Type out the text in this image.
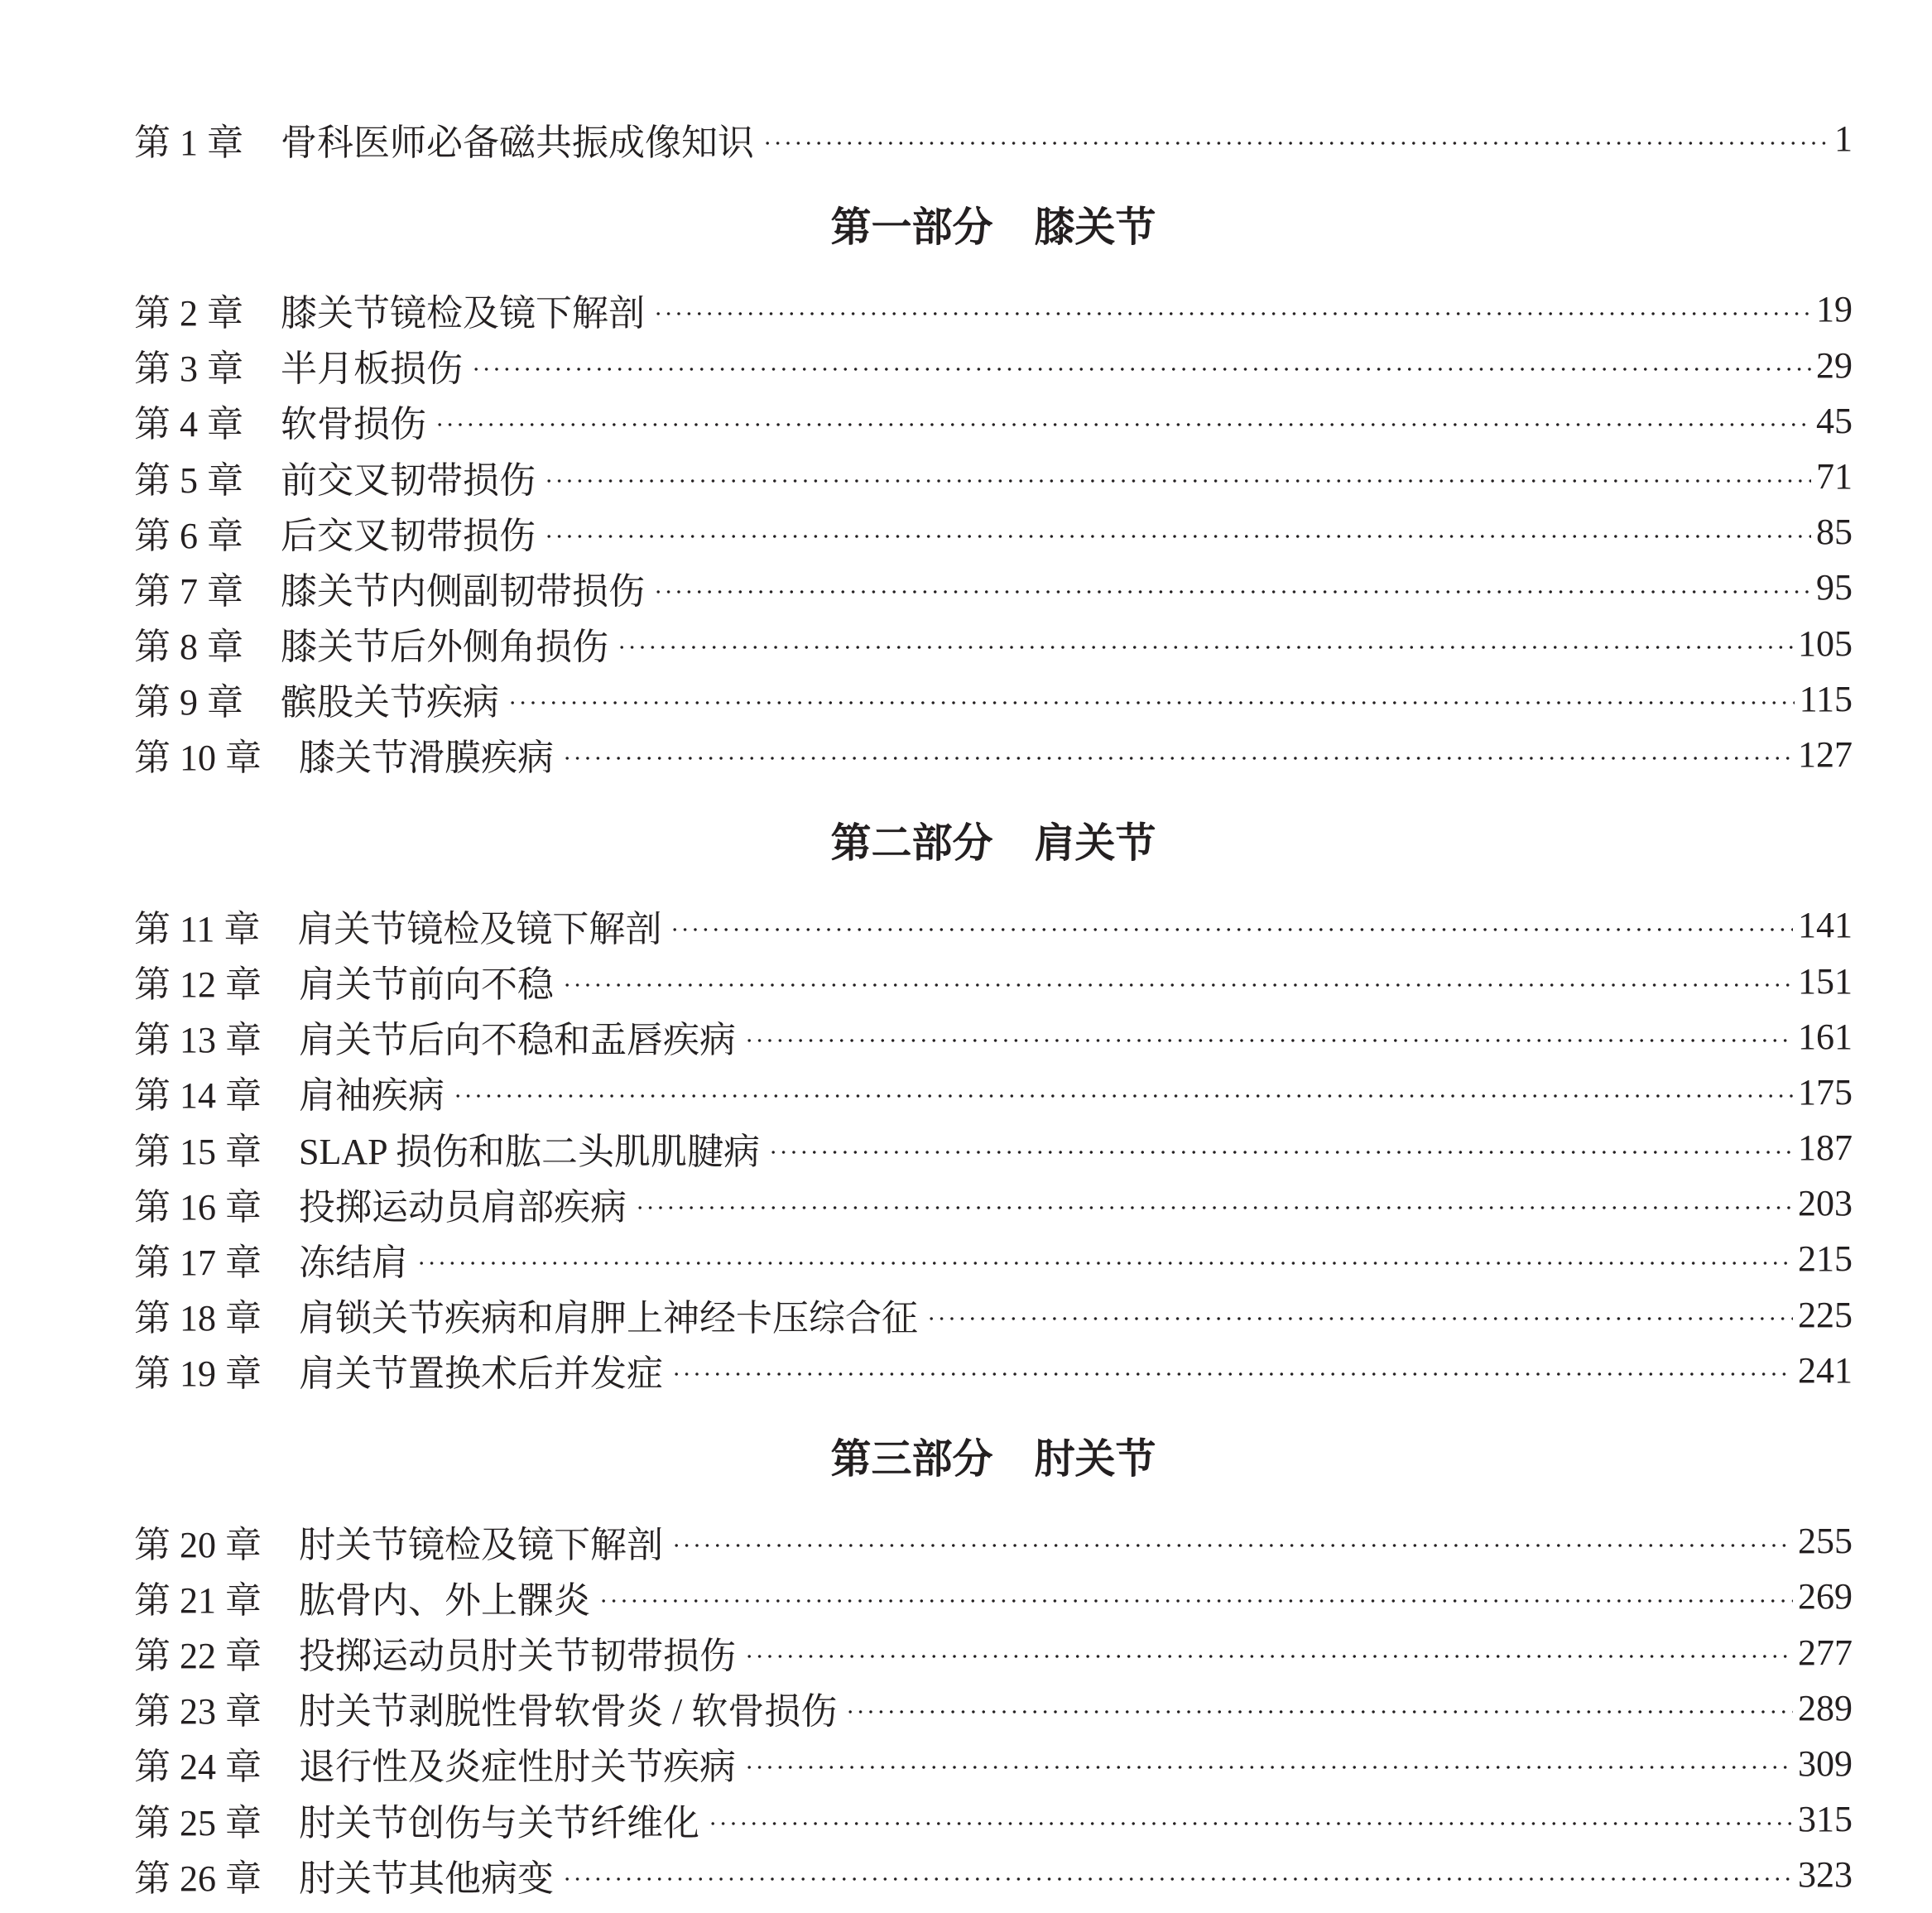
第 1 章 骨科医师必备磁共振成像知识	1
第一部分 膝关节
第 2 章 膝关节镜检及镜下解剖	19
第 3 章 半月板损伤	29
第 4 章 软骨损伤	45
第 5 章 前交叉韧带损伤	71
第 6 章 后交叉韧带损伤	85
第 7 章 膝关节内侧副韧带损伤	95
第 8 章 膝关节后外侧角损伤	105
第 9 章 髌股关节疾病	115
第 10 章 膝关节滑膜疾病	127
第二部分 肩关节
第 11 章 肩关节镜检及镜下解剖	141
第 12 章 肩关节前向不稳	151
第 13 章 肩关节后向不稳和盂唇疾病	161
第 14 章 肩袖疾病	175
第 15 章 SLAP 损伤和肱二头肌肌腱病	187
第 16 章 投掷运动员肩部疾病	203
第 17 章 冻结肩	215
第 18 章 肩锁关节疾病和肩胛上神经卡压综合征	225
第 19 章 肩关节置换术后并发症	241
第三部分 肘关节
第 20 章 肘关节镜检及镜下解剖	255
第 21 章 肱骨内、外上髁炎	269
第 22 章 投掷运动员肘关节韧带损伤	277
第 23 章 肘关节剥脱性骨软骨炎 / 软骨损伤	289
第 24 章 退行性及炎症性肘关节疾病	309
第 25 章 肘关节创伤与关节纤维化	315
第 26 章 肘关节其他病变	323
